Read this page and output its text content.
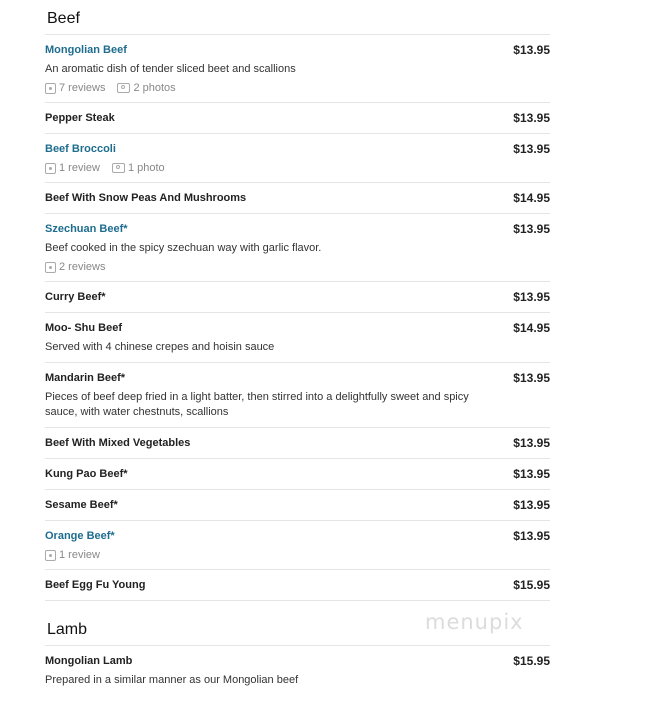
Beef
Mongolian Beef	$13.95
An aromatic dish of tender sliced beet and scallions
7 reviews	2 photos
Pepper Steak	$13.95
Beef Broccoli	$13.95
1 review	1 photo
Beef With Snow Peas And Mushrooms	$14.95
Szechuan Beef*	$13.95
Beef cooked in the spicy szechuan way with garlic flavor.
2 reviews
Curry Beef*	$13.95
Moo- Shu Beef	$14.95
Served with 4 chinese crepes and hoisin sauce
Mandarin Beef*	$13.95
Pieces of beef deep fried in a light batter, then stirred into a delightfully sweet and spicy sauce, with water chestnuts, scallions
Beef With Mixed Vegetables	$13.95
Kung Pao Beef*	$13.95
Sesame Beef*	$13.95
Orange Beef*	$13.95
1 review
Beef Egg Fu Young	$15.95
Lamb
Mongolian Lamb	$15.95
Prepared in a similar manner as our Mongolian beef
menupix
